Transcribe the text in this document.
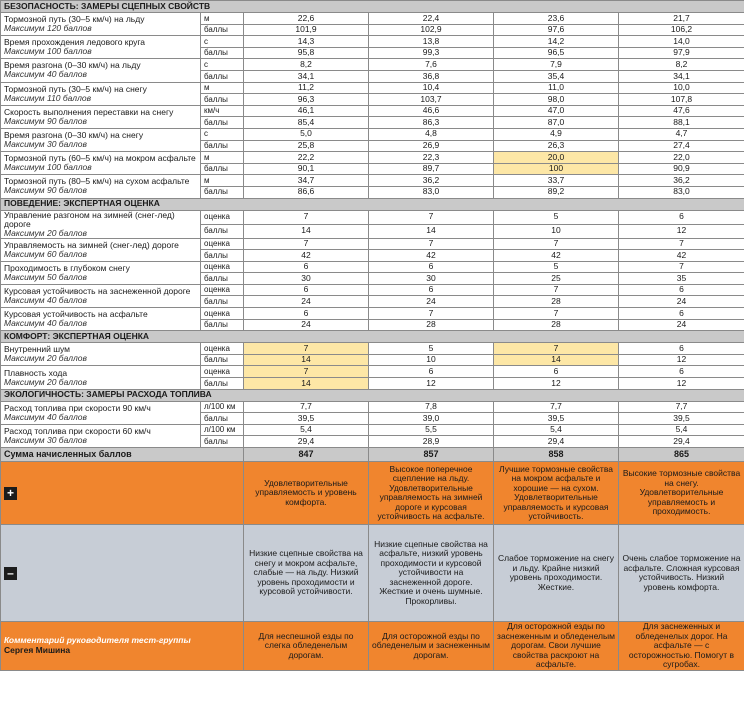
БЕЗОПАСНОСТЬ: ЗАМЕРЫ СЦЕПНЫХ СВОЙСТВ					
Тормозной путь (30–5 км/ч) на льду
Максимум 120 баллов	м	22,6	22,4	23,6	21,7
	баллы	101,9	102,9	97,6	106,2
Время прохождения ледового круга
Максимум 100 баллов	с	14,3	13,8	14,2	14,0
	баллы	95,8	99,3	96,5	97,9
Время разгона (0–30 км/ч) на льду
Максимум 40 баллов	с	8,2	7,6	7,9	8,2
	баллы	34,1	36,8	35,4	34,1
Тормозной путь (30–5 км/ч) на снегу
Максимум 110 баллов	м	11,2	10,4	11,0	10,0
	баллы	96,3	103,7	98,0	107,8
Скорость выполнения переставки на снегу
Максимум 90 баллов	км/ч	46,1	46,6	47,0	47,6
	баллы	85,4	86,3	87,0	88,1
Время разгона (0–30 км/ч) на снегу
Максимум 30 баллов	с	5,0	4,8	4,9	4,7
	баллы	25,8	26,9	26,3	27,4
Тормозной путь (60–5 км/ч) на мокром асфальте
Максимум 100 баллов	м	22,2	22,3	20,0	22,0
	баллы	90,1	89,7	100	90,9
Тормозной путь (80–5 км/ч) на сухом асфальте
Максимум 90 баллов	м	34,7	36,2	33,7	36,2
	баллы	86,6	83,0	89,2	83,0
ПОВЕДЕНИЕ: ЭКСПЕРТНАЯ ОЦЕНКА					
Управление разгоном на зимней (снег-лед) дороге
Максимум 20 баллов	оценка	7	7	5	6
	баллы	14	14	10	12
Управляемость на зимней (снег-лед) дороге
Максимум 60 баллов	оценка	7	7	7	7
	баллы	42	42	42	42
Проходимость в глубоком снегу
Максимум 50 баллов	оценка	6	6	5	7
	баллы	30	30	25	35
Курсовая устойчивость на заснеженной дороге
Максимум 40 баллов	оценка	6	6	7	6
	баллы	24	24	28	24
Курсовая устойчивость на асфальте
Максимум 40 баллов	оценка	6	7	7	6
	баллы	24	28	28	24
КОМФОРТ: ЭКСПЕРТНАЯ ОЦЕНКА					
Внутренний шум
Максимум 20 баллов	оценка	7	5	7	6
	баллы	14	10	14	12
Плавность хода
Максимум 20 баллов	оценка	7	6	6	6
	баллы	14	12	12	12
ЭКОЛОГИЧНОСТЬ: ЗАМЕРЫ РАСХОДА ТОПЛИВА					
Расход топлива при скорости 90 км/ч
Максимум 40 баллов	л/100 км	7,7	7,8	7,7	7,7
	баллы	39,5	39,0	39,5	39,5
Расход топлива при скорости 60 км/ч
Максимум 30 баллов	л/100 км	5,4	5,5	5,4	5,4
	баллы	29,4	28,9	29,4	29,4
Сумма начисленных баллов		847	857	858	865
+		Удовлетворительные управляемость и уровень комфорта.	Высокое поперечное сцепление на льду. Удовлетворительные управляемость на зимней дороге и курсовая устойчивость на асфальте.	Лучшие тормозные свойства на мокром асфальте и хорошие — на сухом. Удовлетворительные управляемость и курсовая устойчивость.	Высокие тормозные свойства на снегу. Удовлетворительные управляемость и проходимость.
–		Низкие сцепные свойства на снегу и мокром асфальте, слабые — на льду. Низкий уровень проходимости и курсовой устойчивости.	Низкие сцепные свойства на асфальте, низкий уровень проходимости и курсовой устойчивости на заснеженной дороге. Жесткие и очень шумные. Прокорливы.	Слабое торможение на снегу и льду. Крайне низкий уровень проходимости. Жесткие.	Очень слабое торможение на асфальте. Сложная курсовая устойчивость. Низкий уровень комфорта.
Комментарий руководителя тест-группы
Сергея Мишина		Для неспешной езды по слегка обледенелым дорогам.	Для осторожной езды по обледенелым и заснеженным дорогам.	Для осторожной езды по заснеженным и обледенелым дорогам. Свои лучшие свойства раскроют на асфальте.	Для заснеженных и обледенелых дорог. На асфальте — с осторожностью. Помогут в сугробах.
